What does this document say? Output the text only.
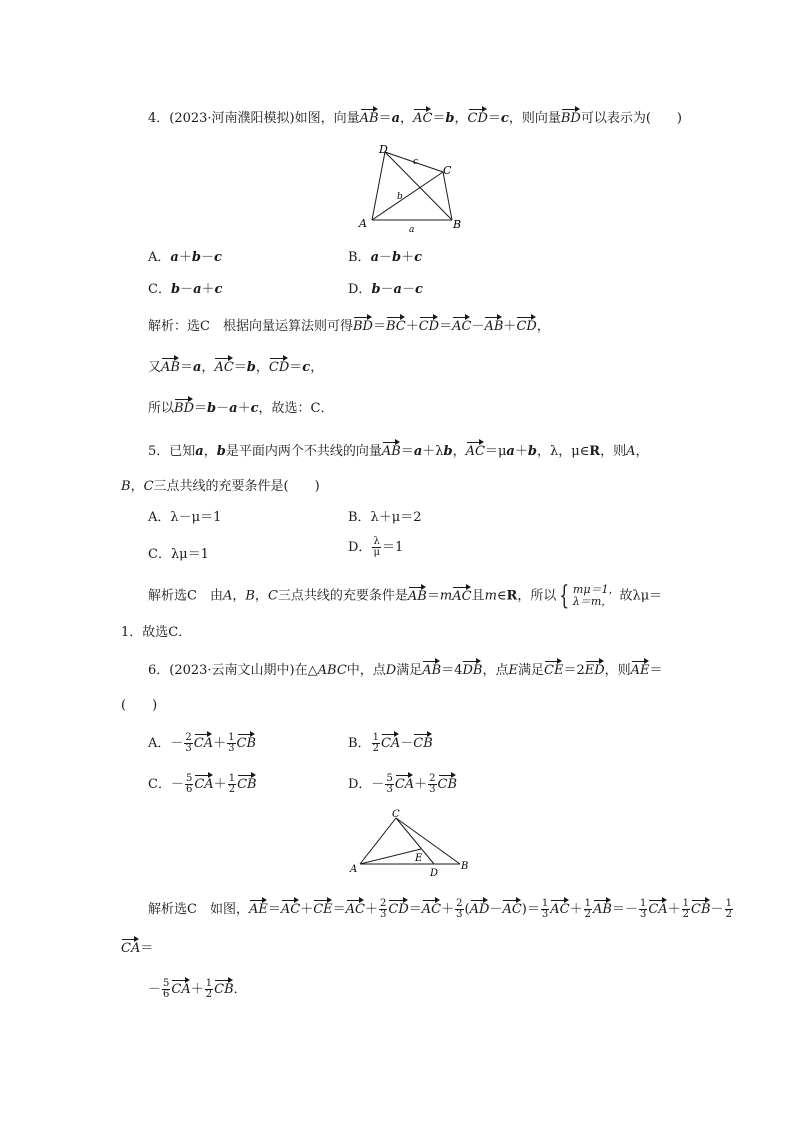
4．(2023·河南濮阳模拟)如图，向量AB＝a，AC＝b，CD＝c，则向量BD可以表示为(　　)
A	B
C
D
a
b
c
A．a＋b－c	B．a－b＋c
C．b－a＋c	D．b－a－c
解析：选C　根据向量运算法则可得BD＝BC＋CD＝AC－AB＋CD，
又AB＝a，AC＝b，CD＝c，
所以BD＝b－a＋c，故选：C．
5．已知a，b是平面内两个不共线的向量AB＝a＋λb，AC＝μa＋b，λ，μ∈R，则A，
B，C三点共线的充要条件是(　　)
A．λ－μ＝1	B．λ＋μ＝2
C．λμ＝1	D． $\frac{\lambda}{\mu} =1$
解析选C　由A，B，C三点共线的充要条件是AB＝mAC且m∈R，所以 { mμ＝1，
λ＝m， 故λμ＝
1．故选C．
6．(2023·云南文山期中)在△ABC中，点D满足AB＝4DB，点E满足CE＝2ED，则AE＝
(　　)
A．－ $\frac{2}{3} CA+ \frac{1}{3}$ CB	B． $\frac{1}{2} CA-CB$
C．－ $\frac{5}{6} CA+ \frac{1}{2}$ CB	D．－ $\frac{5}{3} CA+ \frac{2}{3}$ CB
A	B
C
D
E
解析选C　如图，$AE=AC+CE=AC+ \frac{2}{3} CD=AC+ \frac{2}{3} (AD-AC)= \frac{1}{3} AC+ \frac{1}{2} AB=- \frac{1}{3} CA+ \frac{1}{2} CB- \frac{1}{2}$
CA＝
－ $\frac{5}{6} CA+ \frac{1}{2}$ CB．
